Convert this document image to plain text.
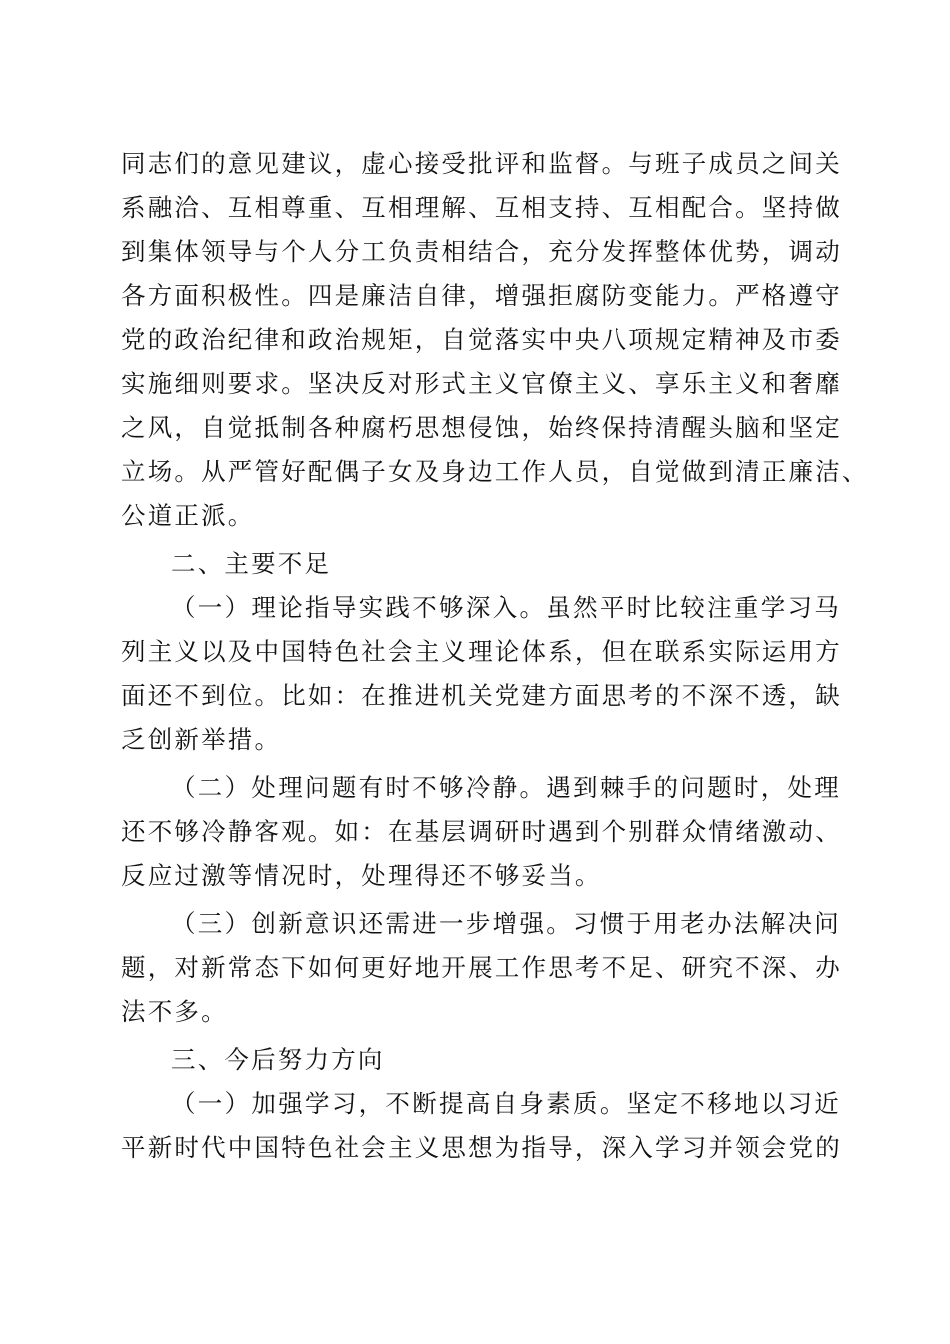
同志们的意见建议，虚心接受批评和监督。与班子成员之间关
系融洽、互相尊重、互相理解、互相支持、互相配合。坚持做
到集体领导与个人分工负责相结合，充分发挥整体优势，调动
各方面积极性。四是廉洁自律，增强拒腐防变能力。严格遵守
党的政治纪律和政治规矩，自觉落实中央八项规定精神及市委
实施细则要求。坚决反对形式主义官僚主义、享乐主义和奢靡
之风，自觉抵制各种腐朽思想侵蚀，始终保持清醒头脑和坚定
立场。从严管好配偶子女及身边工作人员，自觉做到清正廉洁、
公道正派。
二、主要不足
（一）理论指导实践不够深入。虽然平时比较注重学习马
列主义以及中国特色社会主义理论体系，但在联系实际运用方
面还不到位。比如：在推进机关党建方面思考的不深不透，缺
乏创新举措。
（二）处理问题有时不够冷静。遇到棘手的问题时，处理
还不够冷静客观。如：在基层调研时遇到个别群众情绪激动、
反应过激等情况时，处理得还不够妥当。
（三）创新意识还需进一步增强。习惯于用老办法解决问
题，对新常态下如何更好地开展工作思考不足、研究不深、办
法不多。
三、今后努力方向
（一）加强学习，不断提高自身素质。坚定不移地以习近
平新时代中国特色社会主义思想为指导，深入学习并领会党的
